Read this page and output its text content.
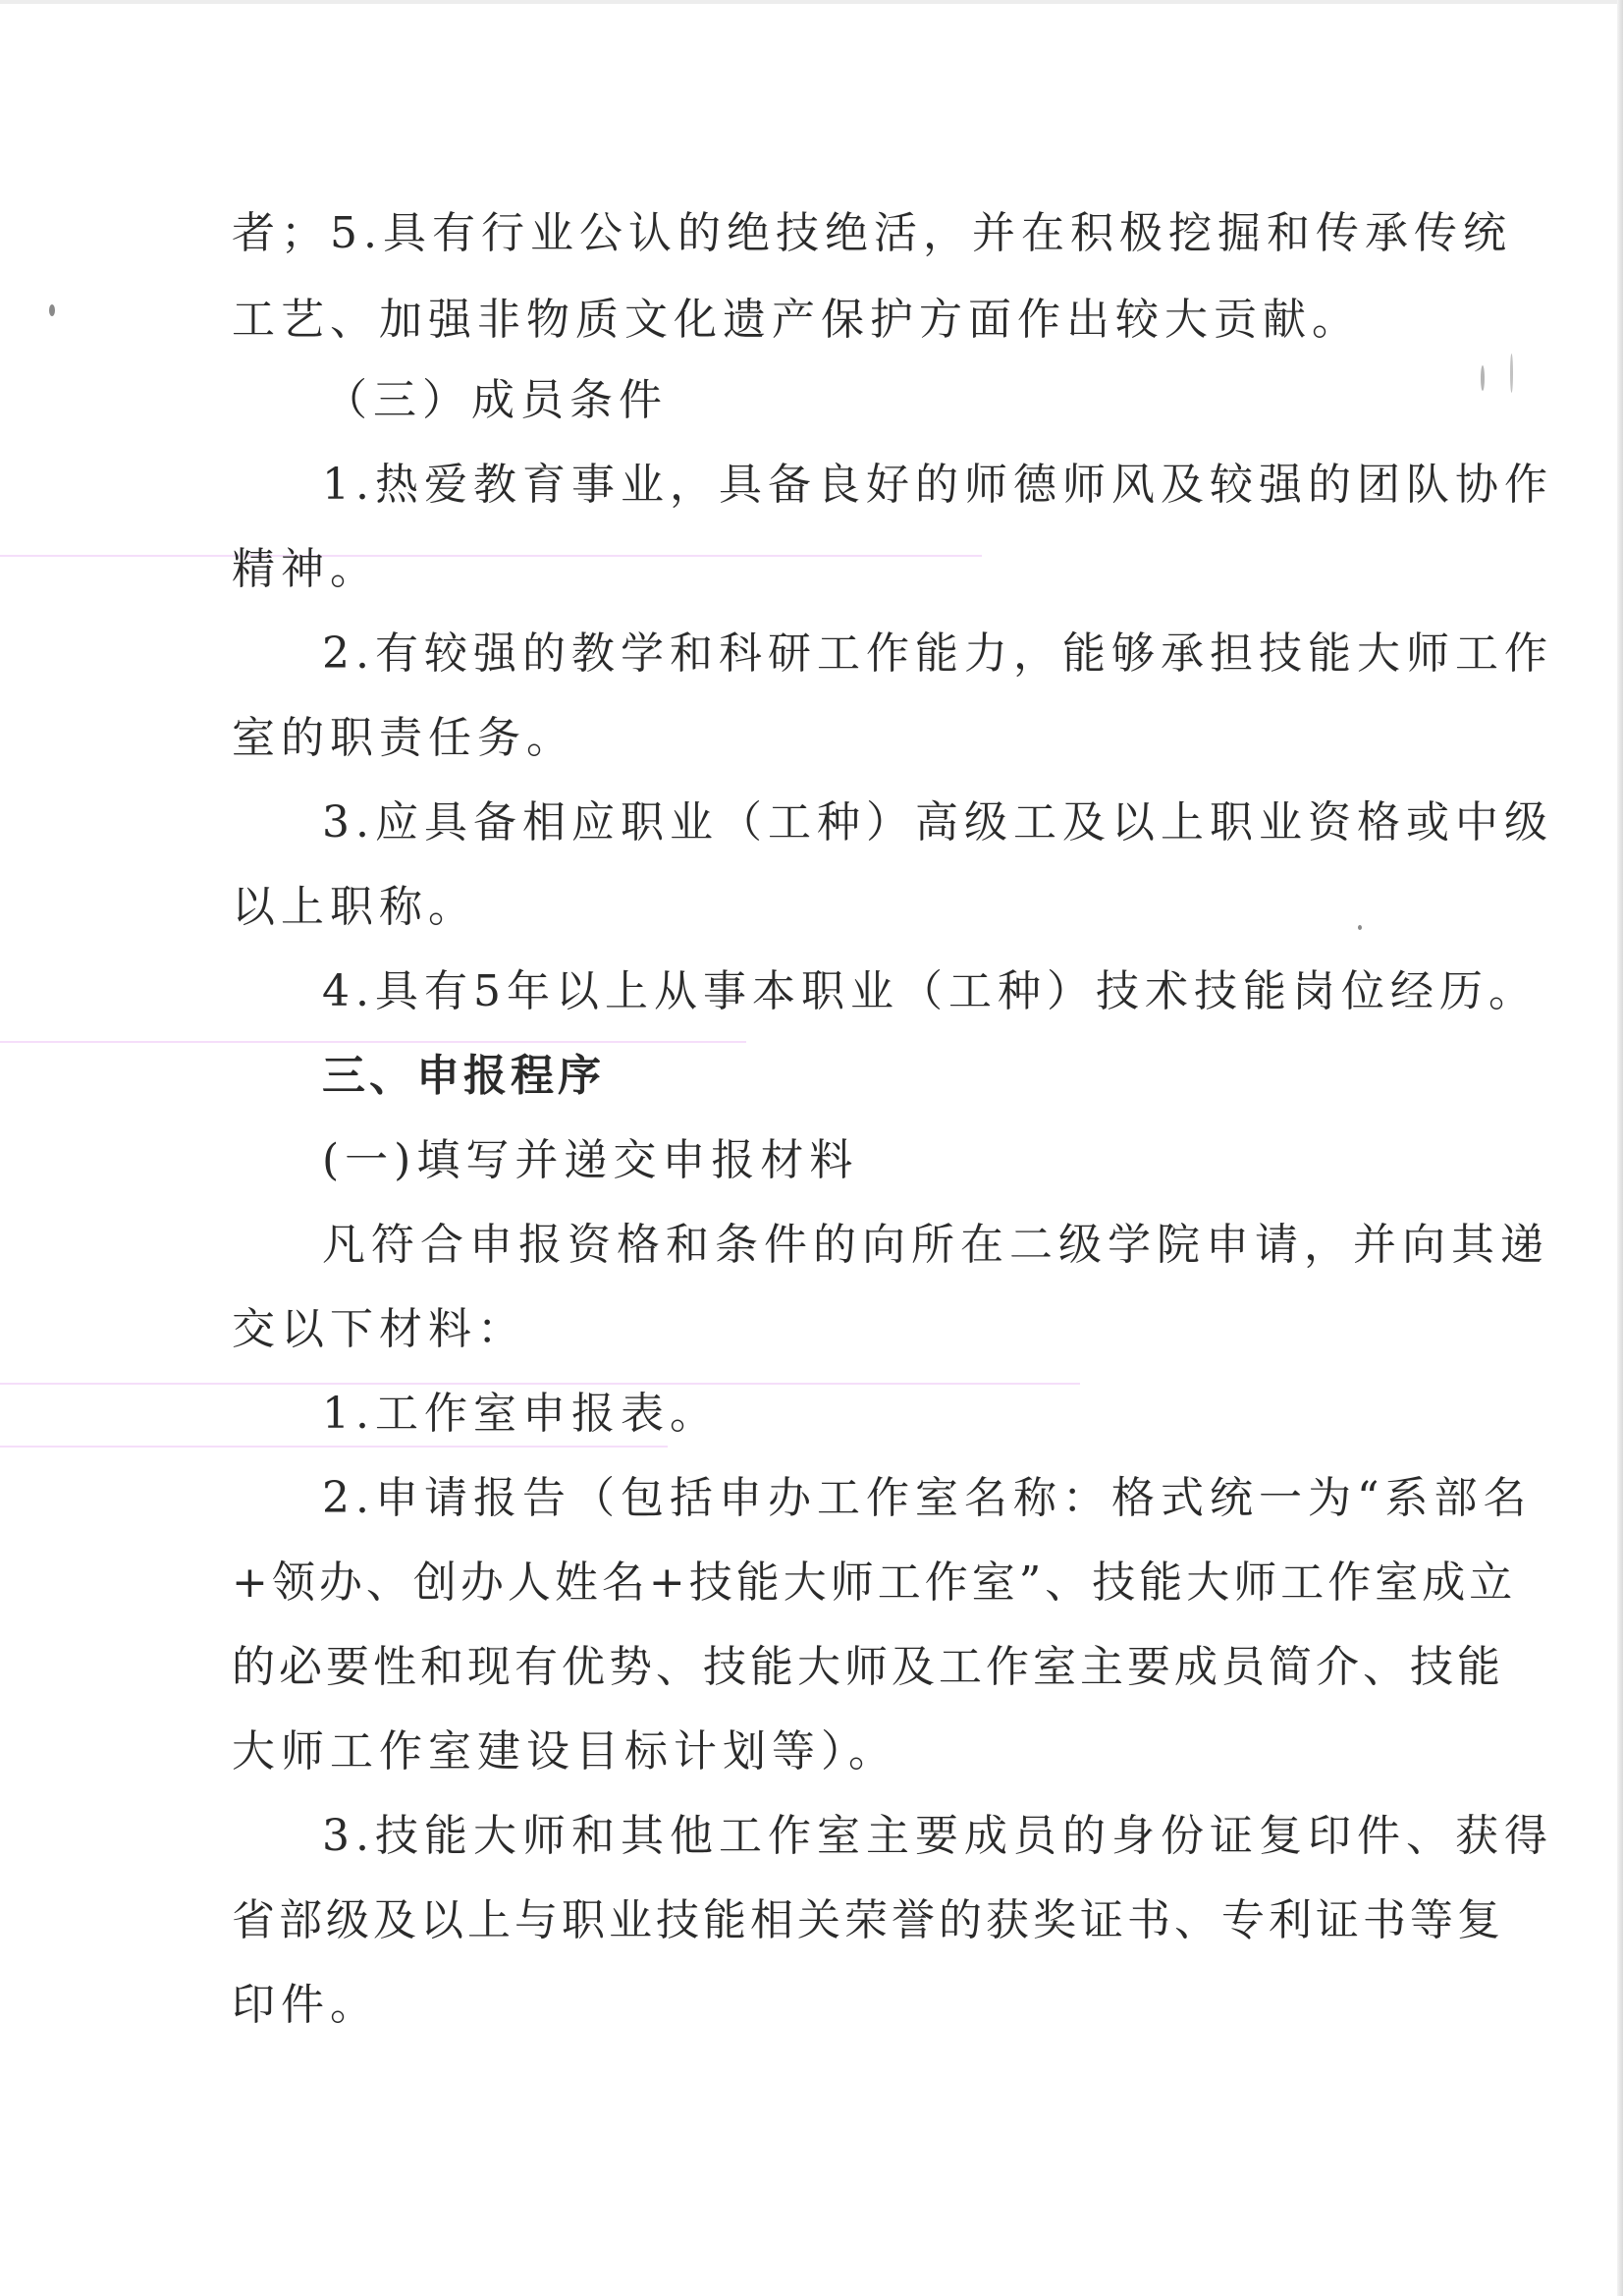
者；5.具有行业公认的绝技绝活，并在积极挖掘和传承传统
工艺、加强非物质文化遗产保护方面作出较大贡献。
（三）成员条件
1.热爱教育事业，具备良好的师德师风及较强的团队协作
精神。
2.有较强的教学和科研工作能力，能够承担技能大师工作
室的职责任务。
3.应具备相应职业（工种）高级工及以上职业资格或中级
以上职称。
4.具有5年以上从事本职业（工种）技术技能岗位经历。
三、申报程序
(一)填写并递交申报材料
凡符合申报资格和条件的向所在二级学院申请，并向其递
交以下材料：
1.工作室申报表。
2.申请报告（包括申办工作室名称：格式统一为“系部名
+领办、创办人姓名+技能大师工作室”、技能大师工作室成立
的必要性和现有优势、技能大师及工作室主要成员简介、技能
大师工作室建设目标计划等）。
3.技能大师和其他工作室主要成员的身份证复印件、获得
省部级及以上与职业技能相关荣誉的获奖证书、专利证书等复
印件。
